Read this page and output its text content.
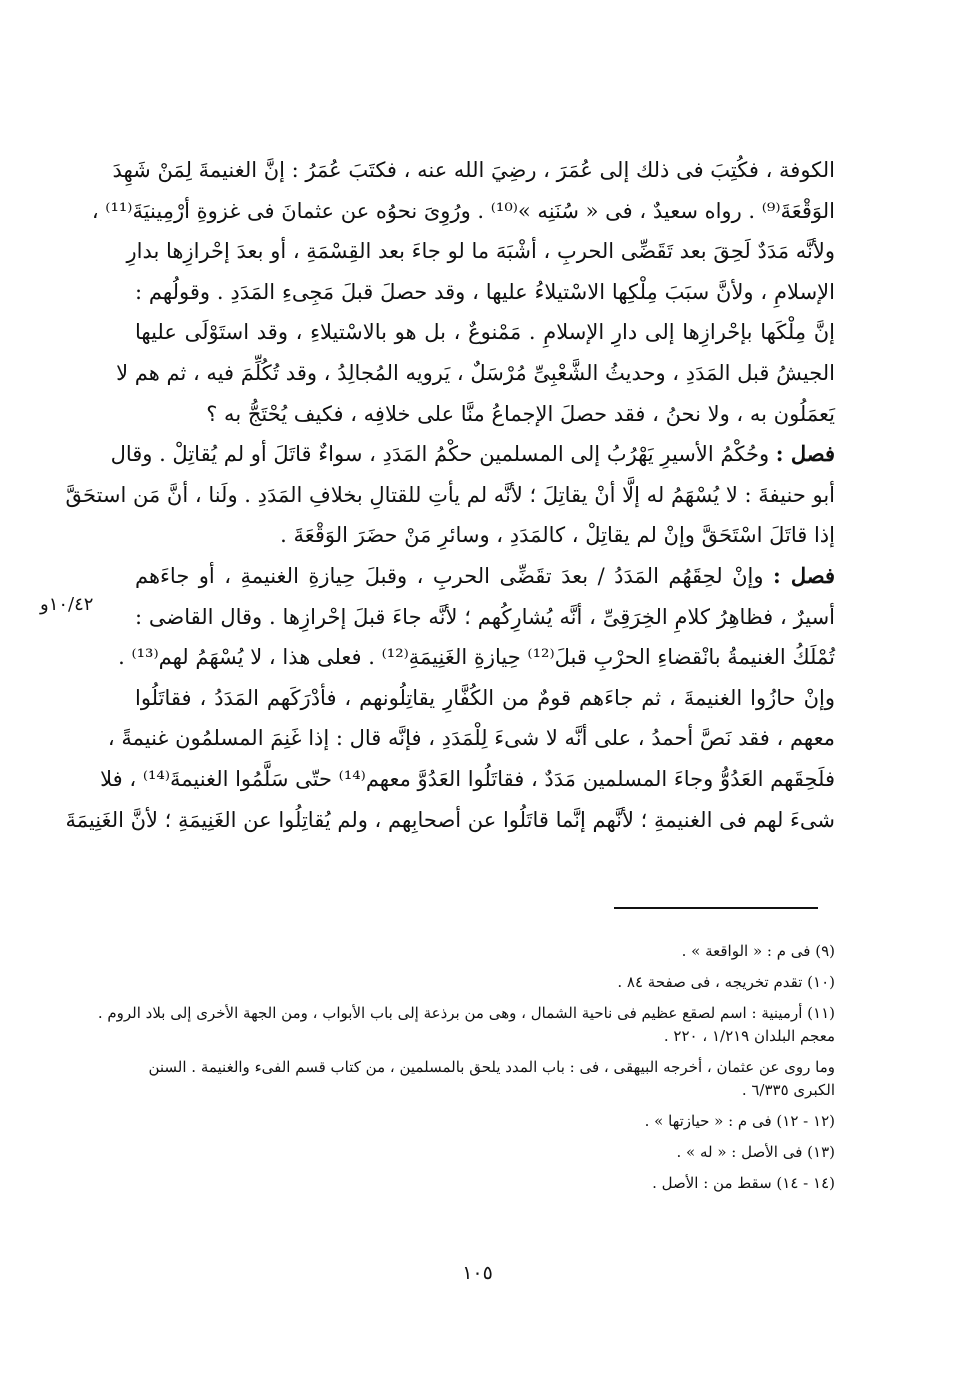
الكوفة ، فكُتِبَ فى ذلك إلى عُمَرَ ، رضِيَ الله عنه ، فكتَبَ عُمَرُ : إنَّ الغنيمةَ لِمَنْ شَهِدَ
الوَقْعَةَ⁽⁹⁾ . رواه سعيدٌ ، فى « سُنَنِه »⁽¹⁰⁾ . ورُوِىَ نحوُه عن عثمانَ فى غزوةِ أرْمِينيَةَ⁽¹¹⁾ ،
ولأنَّه مَدَدٌ لَحِقَ بعد تَقَضِّى الحربِ ، أشْبَهَ ما لو جاءَ بعد القِسْمَةِ ، أو بعدَ إحْرازِها بدارِ
الإسلامِ ، ولأنَّ سبَبَ مِلْكِها الاسْتيلاءُ عليها ، وقد حصلَ قبلَ مَجِىءِ المَدَدِ . وقولُهم :
إنَّ مِلْكَها بإحْرازِها إلى دارِ الإسلامِ . مَمْنوعٌ ، بل هو بالاسْتيلاءِ ، وقد استَوْلَى عليها
الجيشُ قبل المَدَدِ ، وحديثُ الشَّعْبِىِّ مُرْسَلٌ ، يَرويه المُجالِدُ ، وقد تُكُلِّمَ فيه ، ثم هم لا
يَعمَلُون به ، ولا نحنُ ، فقد حصلَ الإجماعُ منَّا على خلافِه ، فكيف يُحْتَجُّ به ؟
فصل : وحُكْمُ الأسيرِ يَهْرُبُ إلى المسلمين حكْمُ المَدَدِ ، سواءٌ قاتَلَ أو لم يُقاتِلْ . وقال
أبو حنيفةَ : لا يُسْهَمُ له إلَّا أنْ يقاتِلَ ؛ لأنَّه لم يأتِ للقتالِ بخلافِ المَدَدِ . ولَنا ، أنَّ مَن استحَقَّ
إذا قاتَلَ اسْتَحَقَّ وإنْ لم يقاتِلْ ، كالمَدَدِ ، وسائرِ مَنْ حضَرَ الوَقْعَةَ .
فصل : وإنْ لحِقَهُم المَدَدُ / بعدَ تقَضِّى الحربِ ، وقبلَ حِيازةِ الغنيمةِ ، أو جاءَهم
أسيرٌ ، فظاهِرُ كلامِ الخِرَقِىِّ ، أنَّه يُشارِكُهم ؛ لأنَّه جاءَ قبلَ إحْرازِها . وقال القاضى :
تُمْلَكُ الغنيمةُ بانْقضاءِ الحرْبِ قبلَ⁽¹²⁾ حِيازةِ الغَنِيمَةِ⁽¹²⁾ . فعلى هذا ، لا يُسْهَمُ لهم⁽¹³⁾ .
وإنْ حازُوا الغنيمةَ ، ثم جاءَهم قومٌ من الكُفَّارِ يقاتِلُونهم ، فأدْرَكَهم المَدَدُ ، فقاتَلُوا
معهم ، فقد نَصَّ أحمدُ ، على أنَّه لا شىءَ لِلْمَدَدِ ، فإنَّه قال : إذا غَنِمَ المسلمُون غنيمةً ،
فلَحِقَهم العَدُوُّ وجاءَ المسلمين مَدَدٌ ، فقاتَلُوا العَدُوَّ معهم⁽¹⁴⁾ حتّى سَلَّمُوا الغنيمةَ⁽¹⁴⁾ ، فلا
شىءَ لهم فى الغنيمةِ ؛ لأنَّهم إنَّما قاتَلُوا عن أصحابِهم ، ولم يُقاتِلُوا عن الغَنِيمَةِ ؛ لأنَّ الغَنِيمَةَ
١٠/٤٢و
(٩) فى م : « الواقعة » .
(١٠) تقدم تخريجه ، فى صفحة ٨٤ .
(١١) أرمينية : اسم لصقع عظيم فى ناحية الشمال ، وهى من برذعة إلى باب الأبواب ، ومن الجهة الأخرى إلى بلاد الروم .
معجم البلدان ١/٢١٩ ، ٢٢٠ .
وما روى عن عثمان ، أخرجه البيهقى ، فى : باب المدد يلحق بالمسلمين ، من كتاب قسم الفىء والغنيمة . السنن
الكبرى ٦/٣٣٥ .
(١٢ - ١٢) فى م : « حيازتها » .
(١٣) فى الأصل : « له » .
(١٤ - ١٤) سقط من : الأصل .
١٠٥
